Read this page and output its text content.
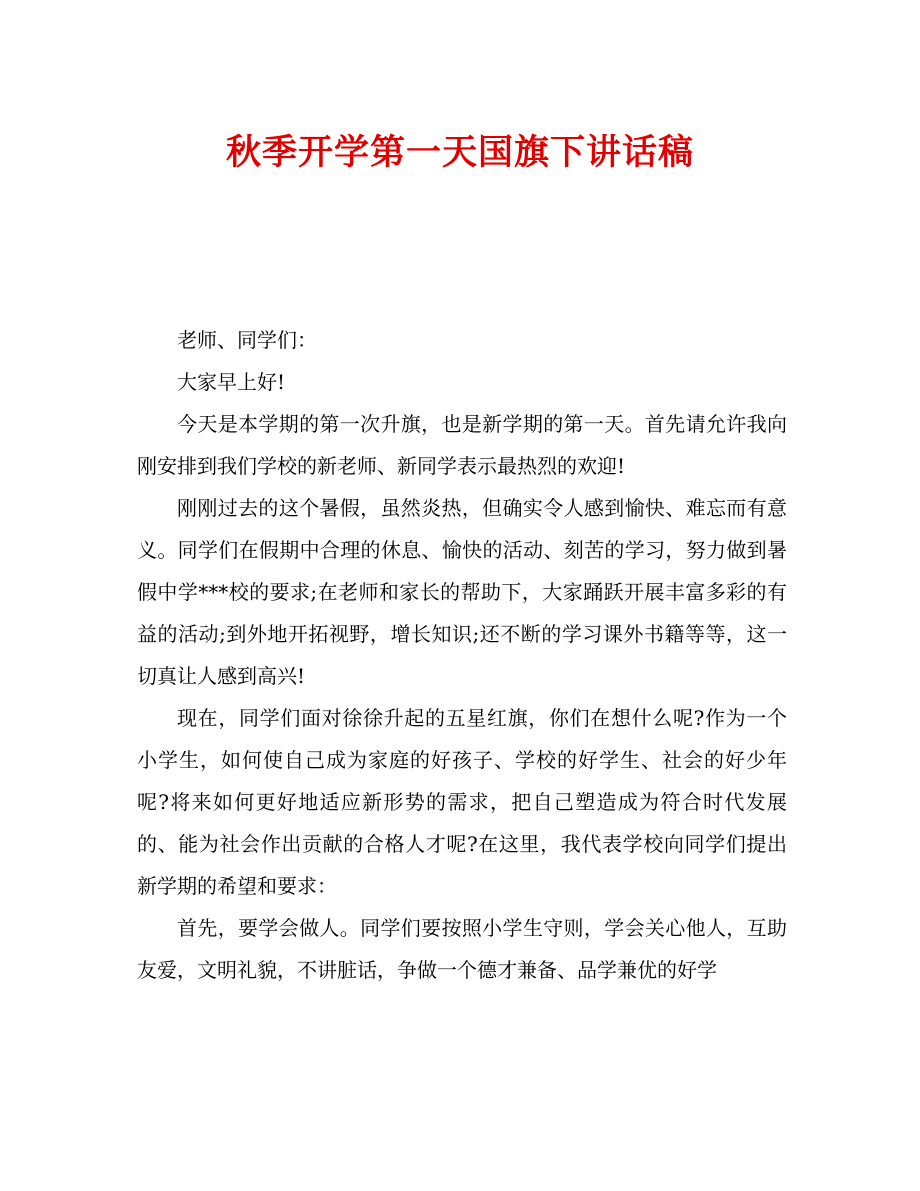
秋季开学第一天国旗下讲话稿

老师、同学们：

大家早上好!

今天是本学期的第一次升旗，也是新学期的第一天。首先请允许我向刚安排到我们学校的新老师、新同学表示最热烈的欢迎!

刚刚过去的这个暑假，虽然炎热，但确实令人感到愉快、难忘而有意义。同学们在假期中合理的休息、愉快的活动、刻苦的学习，努力做到暑假中学***校的要求;在老师和家长的帮助下，大家踊跃开展丰富多彩的有益的活动;到外地开拓视野，增长知识;还不断的学习课外书籍等等，这一切真让人感到高兴!

现在，同学们面对徐徐升起的五星红旗，你们在想什么呢?作为一个小学生，如何使自己成为家庭的好孩子、学校的好学生、社会的好少年呢?将来如何更好地适应新形势的需求，把自己塑造成为符合时代发展的、能为社会作出贡献的合格人才呢?在这里，我代表学校向同学们提出新学期的希望和要求：

首先，要学会做人。同学们要按照小学生守则，学会关心他人，互助友爱，文明礼貌，不讲脏话，争做一个德才兼备、品学兼优的好学
